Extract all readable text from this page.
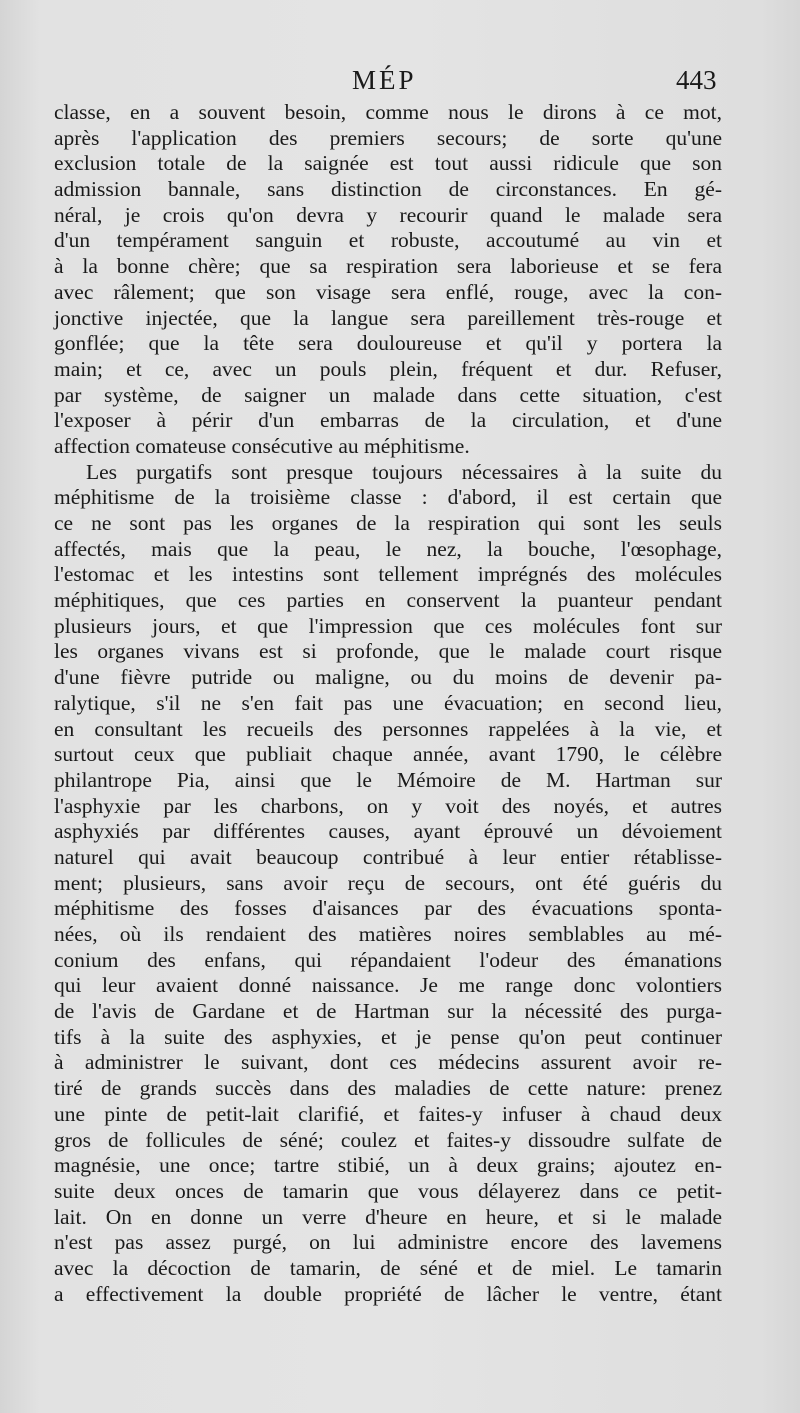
MÉP	443
classe, en a souvent besoin, comme nous le dirons à ce mot,
après l'application des premiers secours; de sorte qu'une
exclusion totale de la saignée est tout aussi ridicule que son
admission bannale, sans distinction de circonstances. En gé-
néral, je crois qu'on devra y recourir quand le malade sera
d'un tempérament sanguin et robuste, accoutumé au vin et
à la bonne chère; que sa respiration sera laborieuse et se fera
avec râlement; que son visage sera enflé, rouge, avec la con-
jonctive injectée, que la langue sera pareillement très-rouge et
gonflée; que la tête sera douloureuse et qu'il y portera la
main; et ce, avec un pouls plein, fréquent et dur. Refuser,
par système, de saigner un malade dans cette situation, c'est
l'exposer à périr d'un embarras de la circulation, et d'une
affection comateuse consécutive au méphitisme.
Les purgatifs sont presque toujours nécessaires à la suite du
méphitisme de la troisième classe : d'abord, il est certain que
ce ne sont pas les organes de la respiration qui sont les seuls
affectés, mais que la peau, le nez, la bouche, l'œsophage,
l'estomac et les intestins sont tellement imprégnés des molécules
méphitiques, que ces parties en conservent la puanteur pendant
plusieurs jours, et que l'impression que ces molécules font sur
les organes vivans est si profonde, que le malade court risque
d'une fièvre putride ou maligne, ou du moins de devenir pa-
ralytique, s'il ne s'en fait pas une évacuation; en second lieu,
en consultant les recueils des personnes rappelées à la vie, et
surtout ceux que publiait chaque année, avant 1790, le célèbre
philantrope Pia, ainsi que le Mémoire de M. Hartman sur
l'asphyxie par les charbons, on y voit des noyés, et autres
asphyxiés par différentes causes, ayant éprouvé un dévoiement
naturel qui avait beaucoup contribué à leur entier rétablisse-
ment; plusieurs, sans avoir reçu de secours, ont été guéris du
méphitisme des fosses d'aisances par des évacuations sponta-
nées, où ils rendaient des matières noires semblables au mé-
conium des enfans, qui répandaient l'odeur des émanations
qui leur avaient donné naissance. Je me range donc volontiers
de l'avis de Gardane et de Hartman sur la nécessité des purga-
tifs à la suite des asphyxies, et je pense qu'on peut continuer
à administrer le suivant, dont ces médecins assurent avoir re-
tiré de grands succès dans des maladies de cette nature: prenez
une pinte de petit-lait clarifié, et faites-y infuser à chaud deux
gros de follicules de séné; coulez et faites-y dissoudre sulfate de
magnésie, une once; tartre stibié, un à deux grains; ajoutez en-
suite deux onces de tamarin que vous délayerez dans ce petit-
lait. On en donne un verre d'heure en heure, et si le malade
n'est pas assez purgé, on lui administre encore des lavemens
avec la décoction de tamarin, de séné et de miel. Le tamarin
a effectivement la double propriété de lâcher le ventre, étant
